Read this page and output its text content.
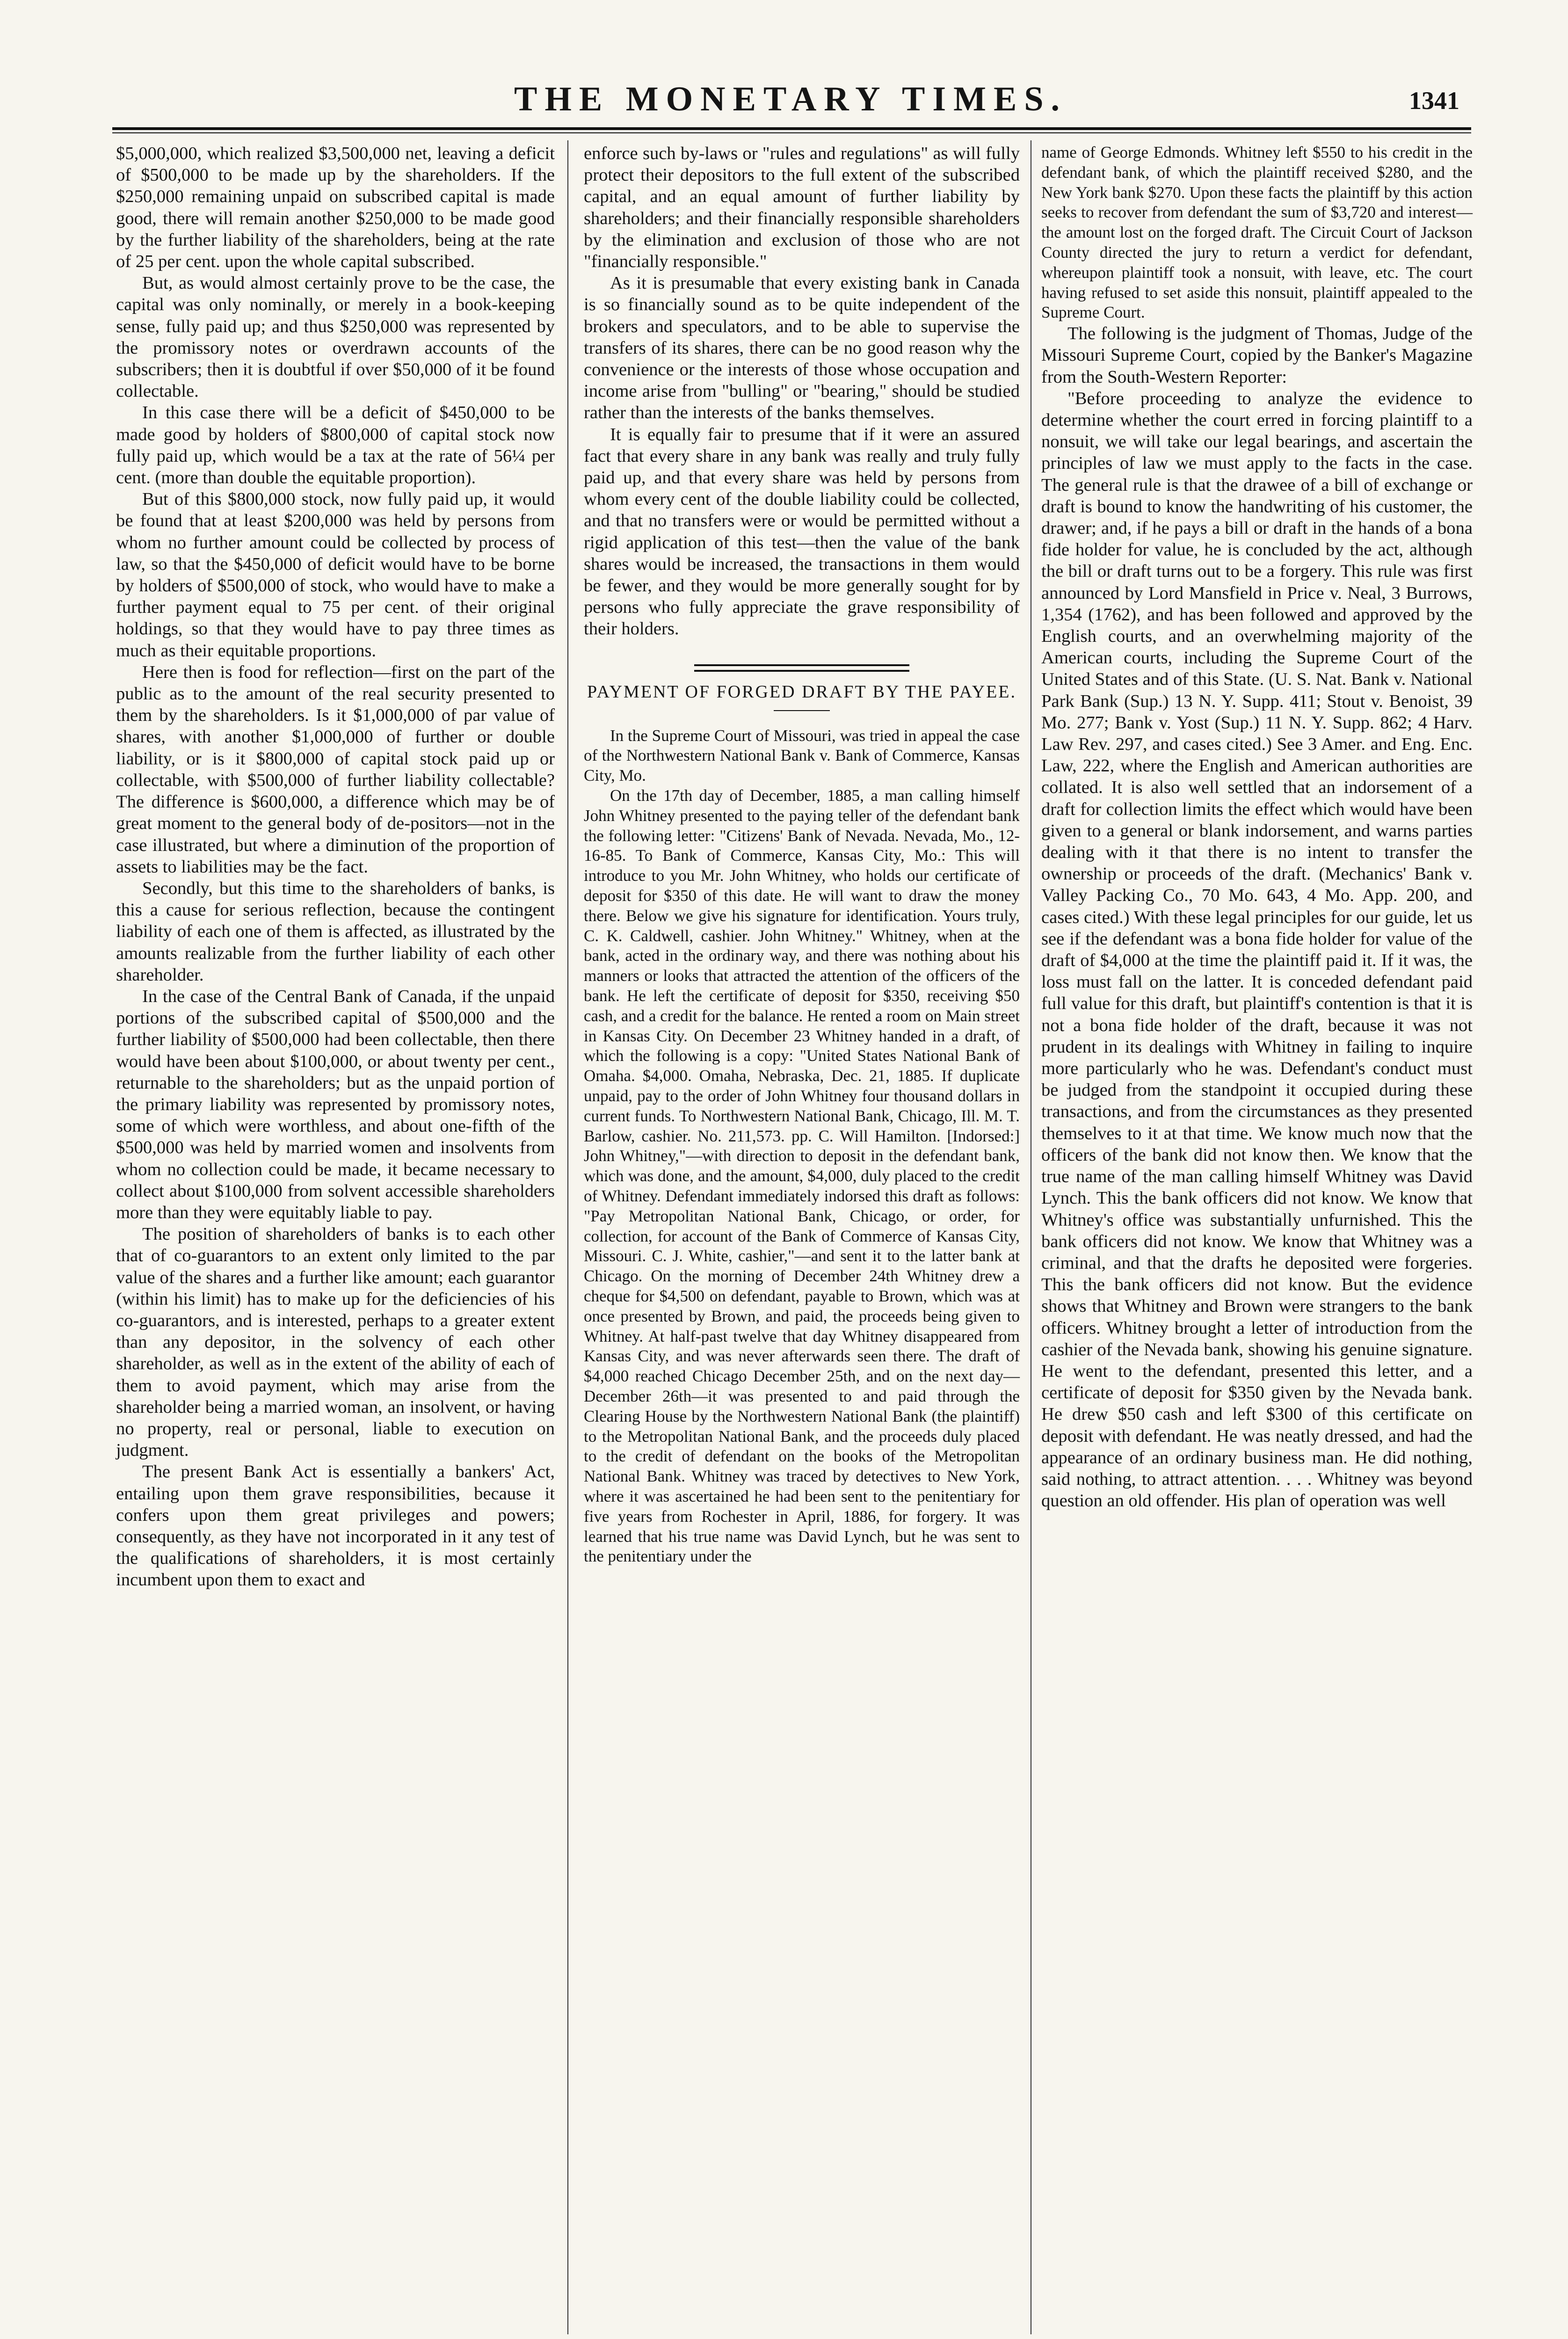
THE MONETARY TIMES.	1341

$5,000,000, which realized $3,500,000 net, leaving a deficit of $500,000 to be made up by the shareholders. If the $250,000 remaining unpaid on subscribed capital is made good, there will remain another $250,000 to be made good by the further liability of the shareholders, being at the rate of 25 per cent. upon the whole capital subscribed.

But, as would almost certainly prove to be the case, the capital was only nominally, or merely in a book-keeping sense, fully paid up; and thus $250,000 was represented by the promissory notes or overdrawn accounts of the subscribers; then it is doubtful if over $50,000 of it be found collectable.

In this case there will be a deficit of $450,000 to be made good by holders of $800,000 of capital stock now fully paid up, which would be a tax at the rate of 56¼ per cent. (more than double the equitable proportion).

But of this $800,000 stock, now fully paid up, it would be found that at least $200,000 was held by persons from whom no further amount could be collected by process of law, so that the $450,000 of deficit would have to be borne by holders of $500,000 of stock, who would have to make a further payment equal to 75 per cent. of their original holdings, so that they would have to pay three times as much as their equitable proportions.

Here then is food for reflection—first on the part of the public as to the amount of the real security presented to them by the shareholders. Is it $1,000,000 of par value of shares, with another $1,000,000 of further or double liability, or is it $800,000 of capital stock paid up or collectable, with $500,000 of further liability collectable? The difference is $600,000, a difference which may be of great moment to the general body of de-positors—not in the case illustrated, but where a diminution of the proportion of assets to liabilities may be the fact.

Secondly, but this time to the shareholders of banks, is this a cause for serious reflection, because the contingent liability of each one of them is affected, as illustrated by the amounts realizable from the further liability of each other shareholder.

In the case of the Central Bank of Canada, if the unpaid portions of the subscribed capital of $500,000 and the further liability of $500,000 had been collectable, then there would have been about $100,000, or about twenty per cent., returnable to the shareholders; but as the unpaid portion of the primary liability was represented by promissory notes, some of which were worthless, and about one-fifth of the $500,000 was held by married women and insolvents from whom no collection could be made, it became necessary to collect about $100,000 from solvent accessible shareholders more than they were equitably liable to pay.

The position of shareholders of banks is to each other that of co-guarantors to an extent only limited to the par value of the shares and a further like amount; each guarantor (within his limit) has to make up for the deficiencies of his co-guarantors, and is interested, perhaps to a greater extent than any depositor, in the solvency of each other shareholder, as well as in the extent of the ability of each of them to avoid payment, which may arise from the shareholder being a married woman, an insolvent, or having no property, real or personal, liable to execution on judgment.

The present Bank Act is essentially a bankers' Act, entailing upon them grave responsibilities, because it confers upon them great privileges and powers; consequently, as they have not incorporated in it any test of the qualifications of shareholders, it is most certainly incumbent upon them to exact and

enforce such by-laws or "rules and regulations" as will fully protect their depositors to the full extent of the subscribed capital, and an equal amount of further liability by shareholders; and their financially responsible shareholders by the elimination and exclusion of those who are not "financially responsible."

As it is presumable that every existing bank in Canada is so financially sound as to be quite independent of the brokers and speculators, and to be able to supervise the transfers of its shares, there can be no good reason why the convenience or the interests of those whose occupation and income arise from "bulling" or "bearing," should be studied rather than the interests of the banks themselves.

It is equally fair to presume that if it were an assured fact that every share in any bank was really and truly fully paid up, and that every share was held by persons from whom every cent of the double liability could be collected, and that no transfers were or would be permitted without a rigid application of this test—then the value of the bank shares would be increased, the transactions in them would be fewer, and they would be more generally sought for by persons who fully appreciate the grave responsibility of their holders.

PAYMENT OF FORGED DRAFT BY THE PAYEE.

In the Supreme Court of Missouri, was tried in appeal the case of the Northwestern National Bank v. Bank of Commerce, Kansas City, Mo.

On the 17th day of December, 1885, a man calling himself John Whitney presented to the paying teller of the defendant bank the following letter: "Citizens' Bank of Nevada. Nevada, Mo., 12-16-85. To Bank of Commerce, Kansas City, Mo.: This will introduce to you Mr. John Whitney, who holds our certificate of deposit for $350 of this date. He will want to draw the money there. Below we give his signature for identification. Yours truly, C. K. Caldwell, cashier. John Whitney." Whitney, when at the bank, acted in the ordinary way, and there was nothing about his manners or looks that attracted the attention of the officers of the bank. He left the certificate of deposit for $350, receiving $50 cash, and a credit for the balance. He rented a room on Main street in Kansas City. On December 23 Whitney handed in a draft, of which the following is a copy: "United States National Bank of Omaha. $4,000. Omaha, Nebraska, Dec. 21, 1885. If duplicate unpaid, pay to the order of John Whitney four thousand dollars in current funds. To Northwestern National Bank, Chicago, Ill. M. T. Barlow, cashier. No. 211,573. pp. C. Will Hamilton. [Indorsed:] John Whitney,"—with direction to deposit in the defendant bank, which was done, and the amount, $4,000, duly placed to the credit of Whitney. Defendant immediately indorsed this draft as follows: "Pay Metropolitan National Bank, Chicago, or order, for collection, for account of the Bank of Commerce of Kansas City, Missouri. C. J. White, cashier,"—and sent it to the latter bank at Chicago. On the morning of December 24th Whitney drew a cheque for $4,500 on defendant, payable to Brown, which was at once presented by Brown, and paid, the proceeds being given to Whitney. At half-past twelve that day Whitney disappeared from Kansas City, and was never afterwards seen there. The draft of $4,000 reached Chicago December 25th, and on the next day—December 26th—it was presented to and paid through the Clearing House by the Northwestern National Bank (the plaintiff) to the Metropolitan National Bank, and the proceeds duly placed to the credit of defendant on the books of the Metropolitan National Bank. Whitney was traced by detectives to New York, where it was ascertained he had been sent to the penitentiary for five years from Rochester in April, 1886, for forgery. It was learned that his true name was David Lynch, but he was sent to the penitentiary under the

name of George Edmonds. Whitney left $550 to his credit in the defendant bank, of which the plaintiff received $280, and the New York bank $270. Upon these facts the plaintiff by this action seeks to recover from defendant the sum of $3,720 and interest—the amount lost on the forged draft. The Circuit Court of Jackson County directed the jury to return a verdict for defendant, whereupon plaintiff took a nonsuit, with leave, etc. The court having refused to set aside this nonsuit, plaintiff appealed to the Supreme Court.

The following is the judgment of Thomas, Judge of the Missouri Supreme Court, copied by the Banker's Magazine from the South-Western Reporter:

"Before proceeding to analyze the evidence to determine whether the court erred in forcing plaintiff to a nonsuit, we will take our legal bearings, and ascertain the principles of law we must apply to the facts in the case. The general rule is that the drawee of a bill of exchange or draft is bound to know the handwriting of his customer, the drawer; and, if he pays a bill or draft in the hands of a bona fide holder for value, he is concluded by the act, although the bill or draft turns out to be a forgery. This rule was first announced by Lord Mansfield in Price v. Neal, 3 Burrows, 1,354 (1762), and has been followed and approved by the English courts, and an overwhelming majority of the American courts, including the Supreme Court of the United States and of this State. (U. S. Nat. Bank v. National Park Bank (Sup.) 13 N. Y. Supp. 411; Stout v. Benoist, 39 Mo. 277; Bank v. Yost (Sup.) 11 N. Y. Supp. 862; 4 Harv. Law Rev. 297, and cases cited.) See 3 Amer. and Eng. Enc. Law, 222, where the English and American authorities are collated. It is also well settled that an indorsement of a draft for collection limits the effect which would have been given to a general or blank indorsement, and warns parties dealing with it that there is no intent to transfer the ownership or proceeds of the draft. (Mechanics' Bank v. Valley Packing Co., 70 Mo. 643, 4 Mo. App. 200, and cases cited.) With these legal principles for our guide, let us see if the defendant was a bona fide holder for value of the draft of $4,000 at the time the plaintiff paid it. If it was, the loss must fall on the latter. It is conceded defendant paid full value for this draft, but plaintiff's contention is that it is not a bona fide holder of the draft, because it was not prudent in its dealings with Whitney in failing to inquire more particularly who he was. Defendant's conduct must be judged from the standpoint it occupied during these transactions, and from the circumstances as they presented themselves to it at that time. We know much now that the officers of the bank did not know then. We know that the true name of the man calling himself Whitney was David Lynch. This the bank officers did not know. We know that Whitney's office was substantially unfurnished. This the bank officers did not know. We know that Whitney was a criminal, and that the drafts he deposited were forgeries. This the bank officers did not know. But the evidence shows that Whitney and Brown were strangers to the bank officers. Whitney brought a letter of introduction from the cashier of the Nevada bank, showing his genuine signature. He went to the defendant, presented this letter, and a certificate of deposit for $350 given by the Nevada bank. He drew $50 cash and left $300 of this certificate on deposit with defendant. He was neatly dressed, and had the appearance of an ordinary business man. He did nothing, said nothing, to attract attention. . . . Whitney was beyond question an old offender. His plan of operation was well
